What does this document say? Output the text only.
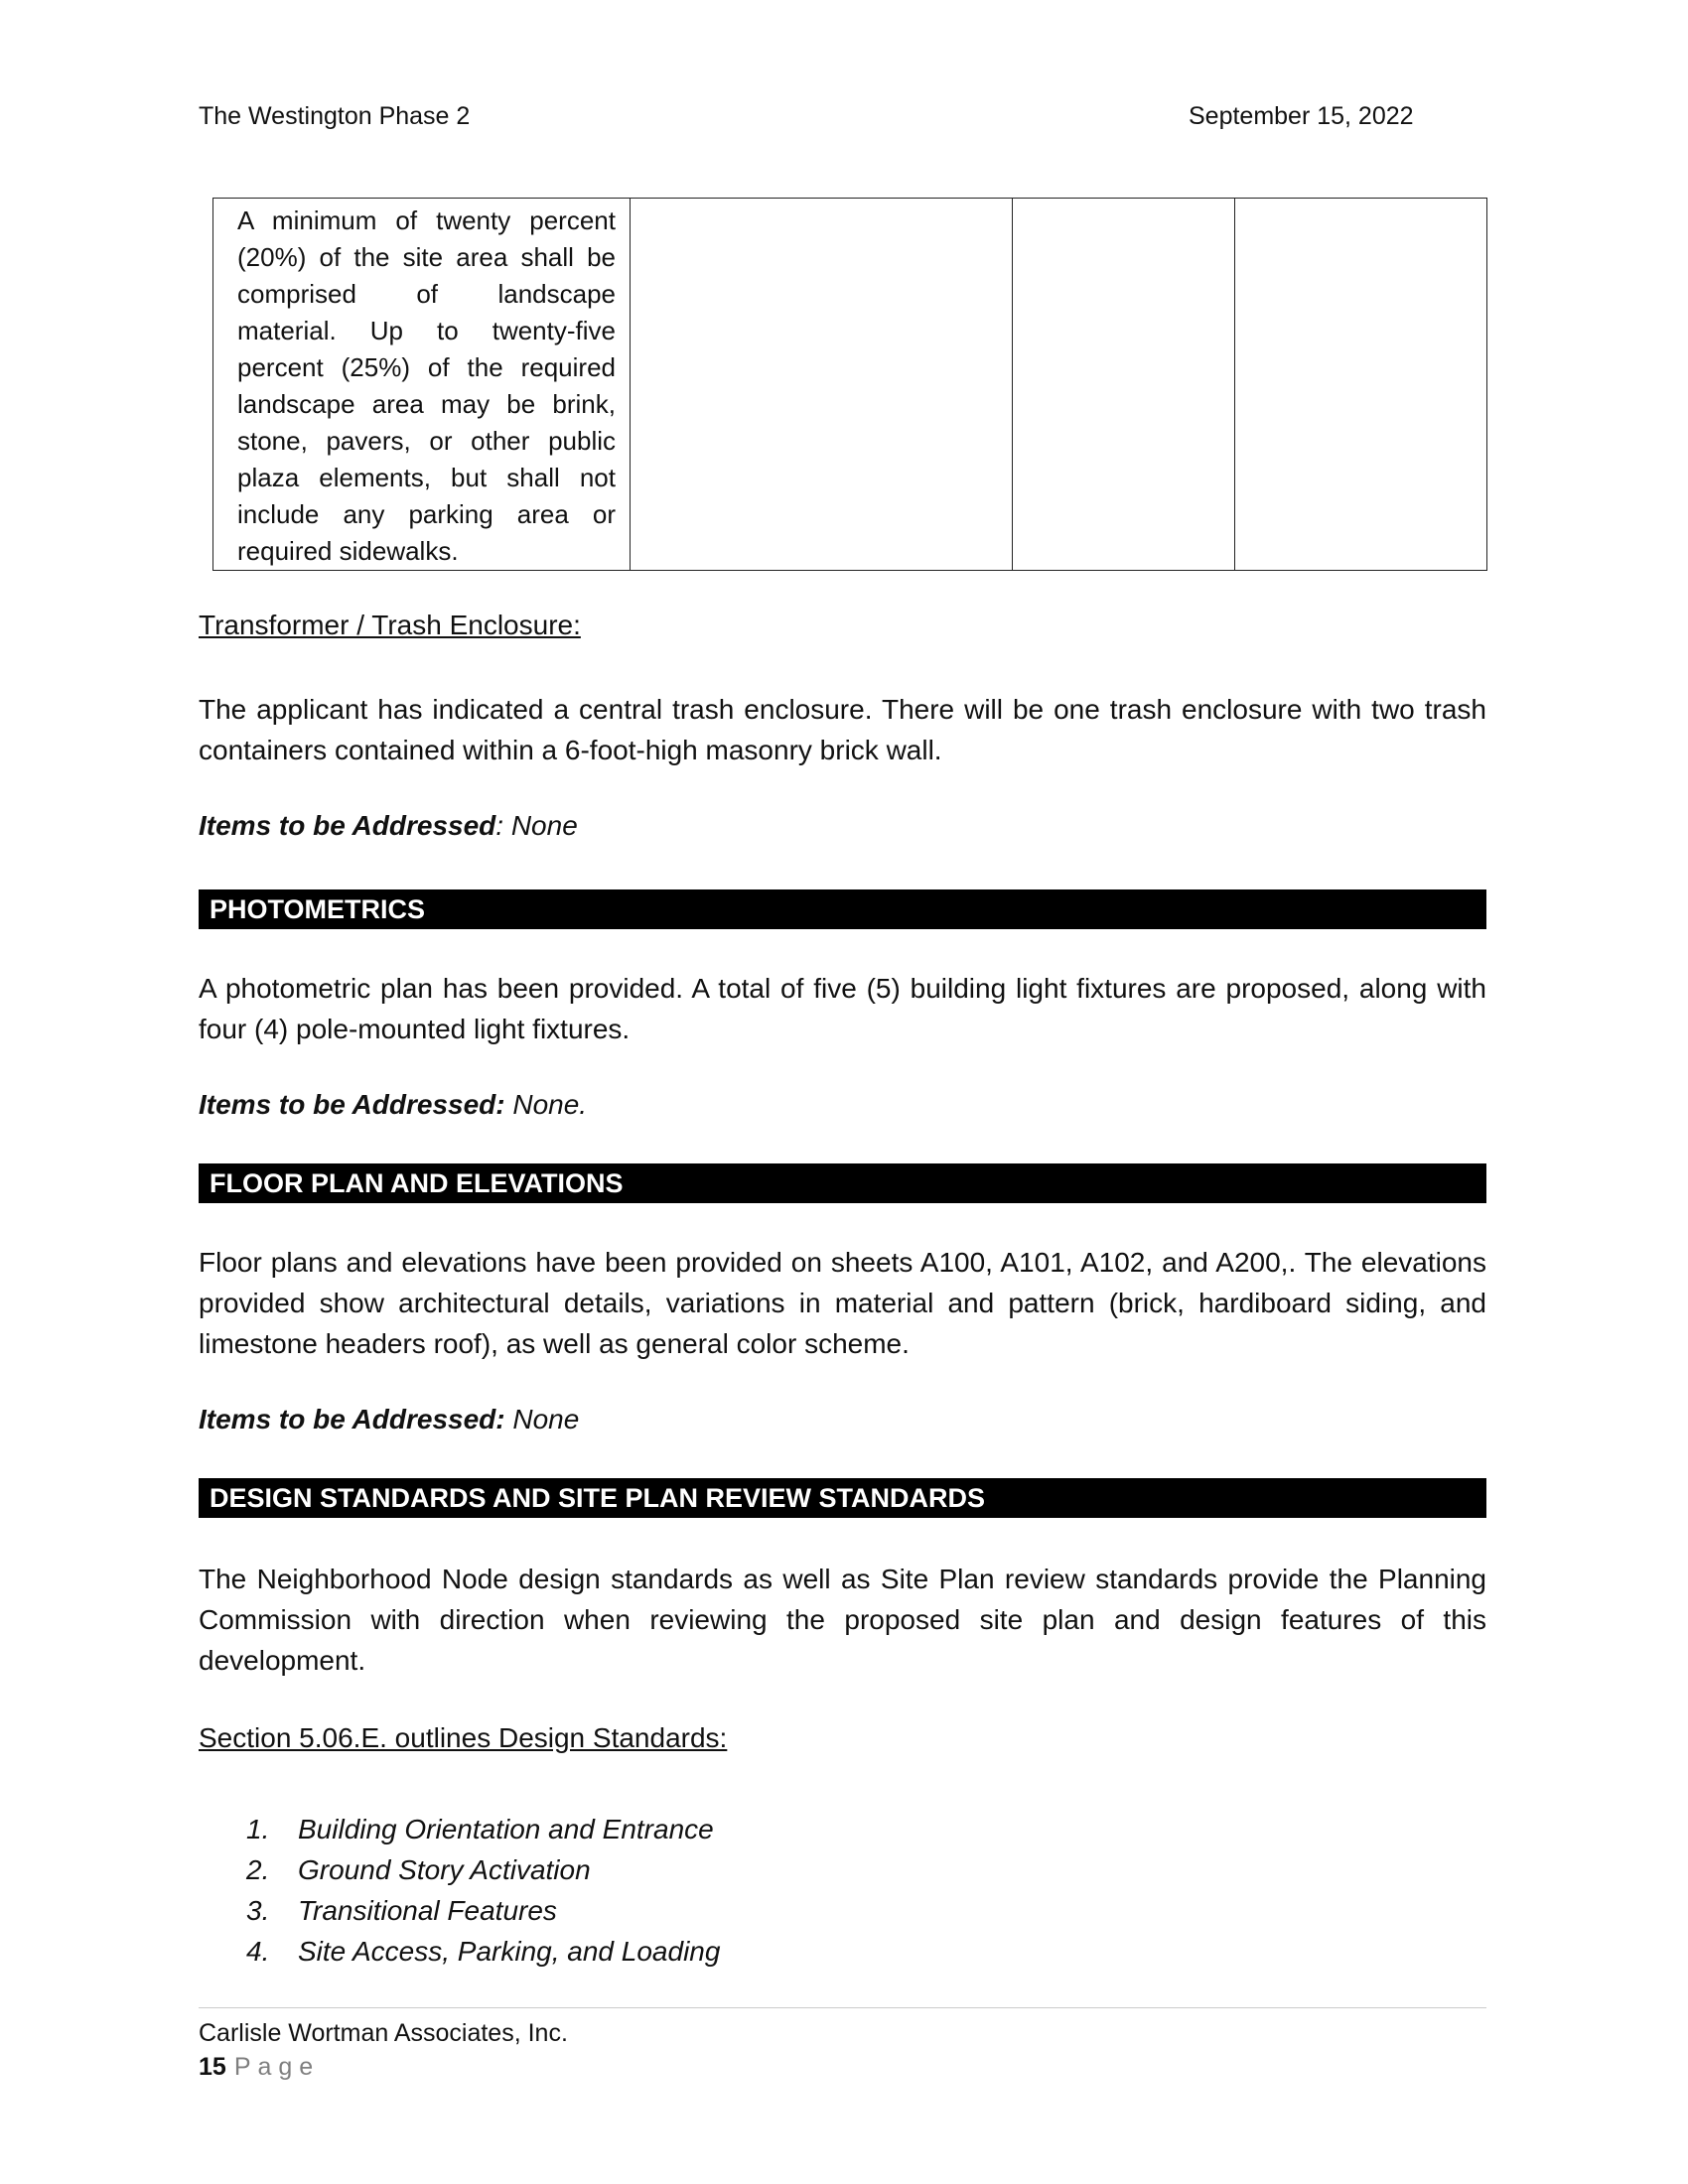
The Westington Phase 2	September 15, 2022
A minimum of twenty percent (20%) of the site area shall be comprised of landscape material. Up to twenty-five percent (25%) of the required landscape area may be brink, stone, pavers, or other public plaza elements, but shall not include any parking area or required sidewalks.

Transformer / Trash Enclosure:

The applicant has indicated a central trash enclosure. There will be one trash enclosure with two trash containers contained within a 6-foot-high masonry brick wall.

Items to be Addressed: None
PHOTOMETRICS

A photometric plan has been provided. A total of five (5) building light fixtures are proposed, along with four (4) pole-mounted light fixtures.

Items to be Addressed: None.
FLOOR PLAN AND ELEVATIONS

Floor plans and elevations have been provided on sheets A100, A101, A102, and A200,. The elevations provided show architectural details, variations in material and pattern (brick, hardiboard siding, and limestone headers roof), as well as general color scheme.

Items to be Addressed: None
DESIGN STANDARDS AND SITE PLAN REVIEW STANDARDS

The Neighborhood Node design standards as well as Site Plan review standards provide the Planning Commission with direction when reviewing the proposed site plan and design features of this development.

Section 5.06.E. outlines Design Standards:
1. Building Orientation and Entrance
2. Ground Story Activation
3. Transitional Features
4. Site Access, Parking, and Loading
Carlisle Wortman Associates, Inc.
15 Page
